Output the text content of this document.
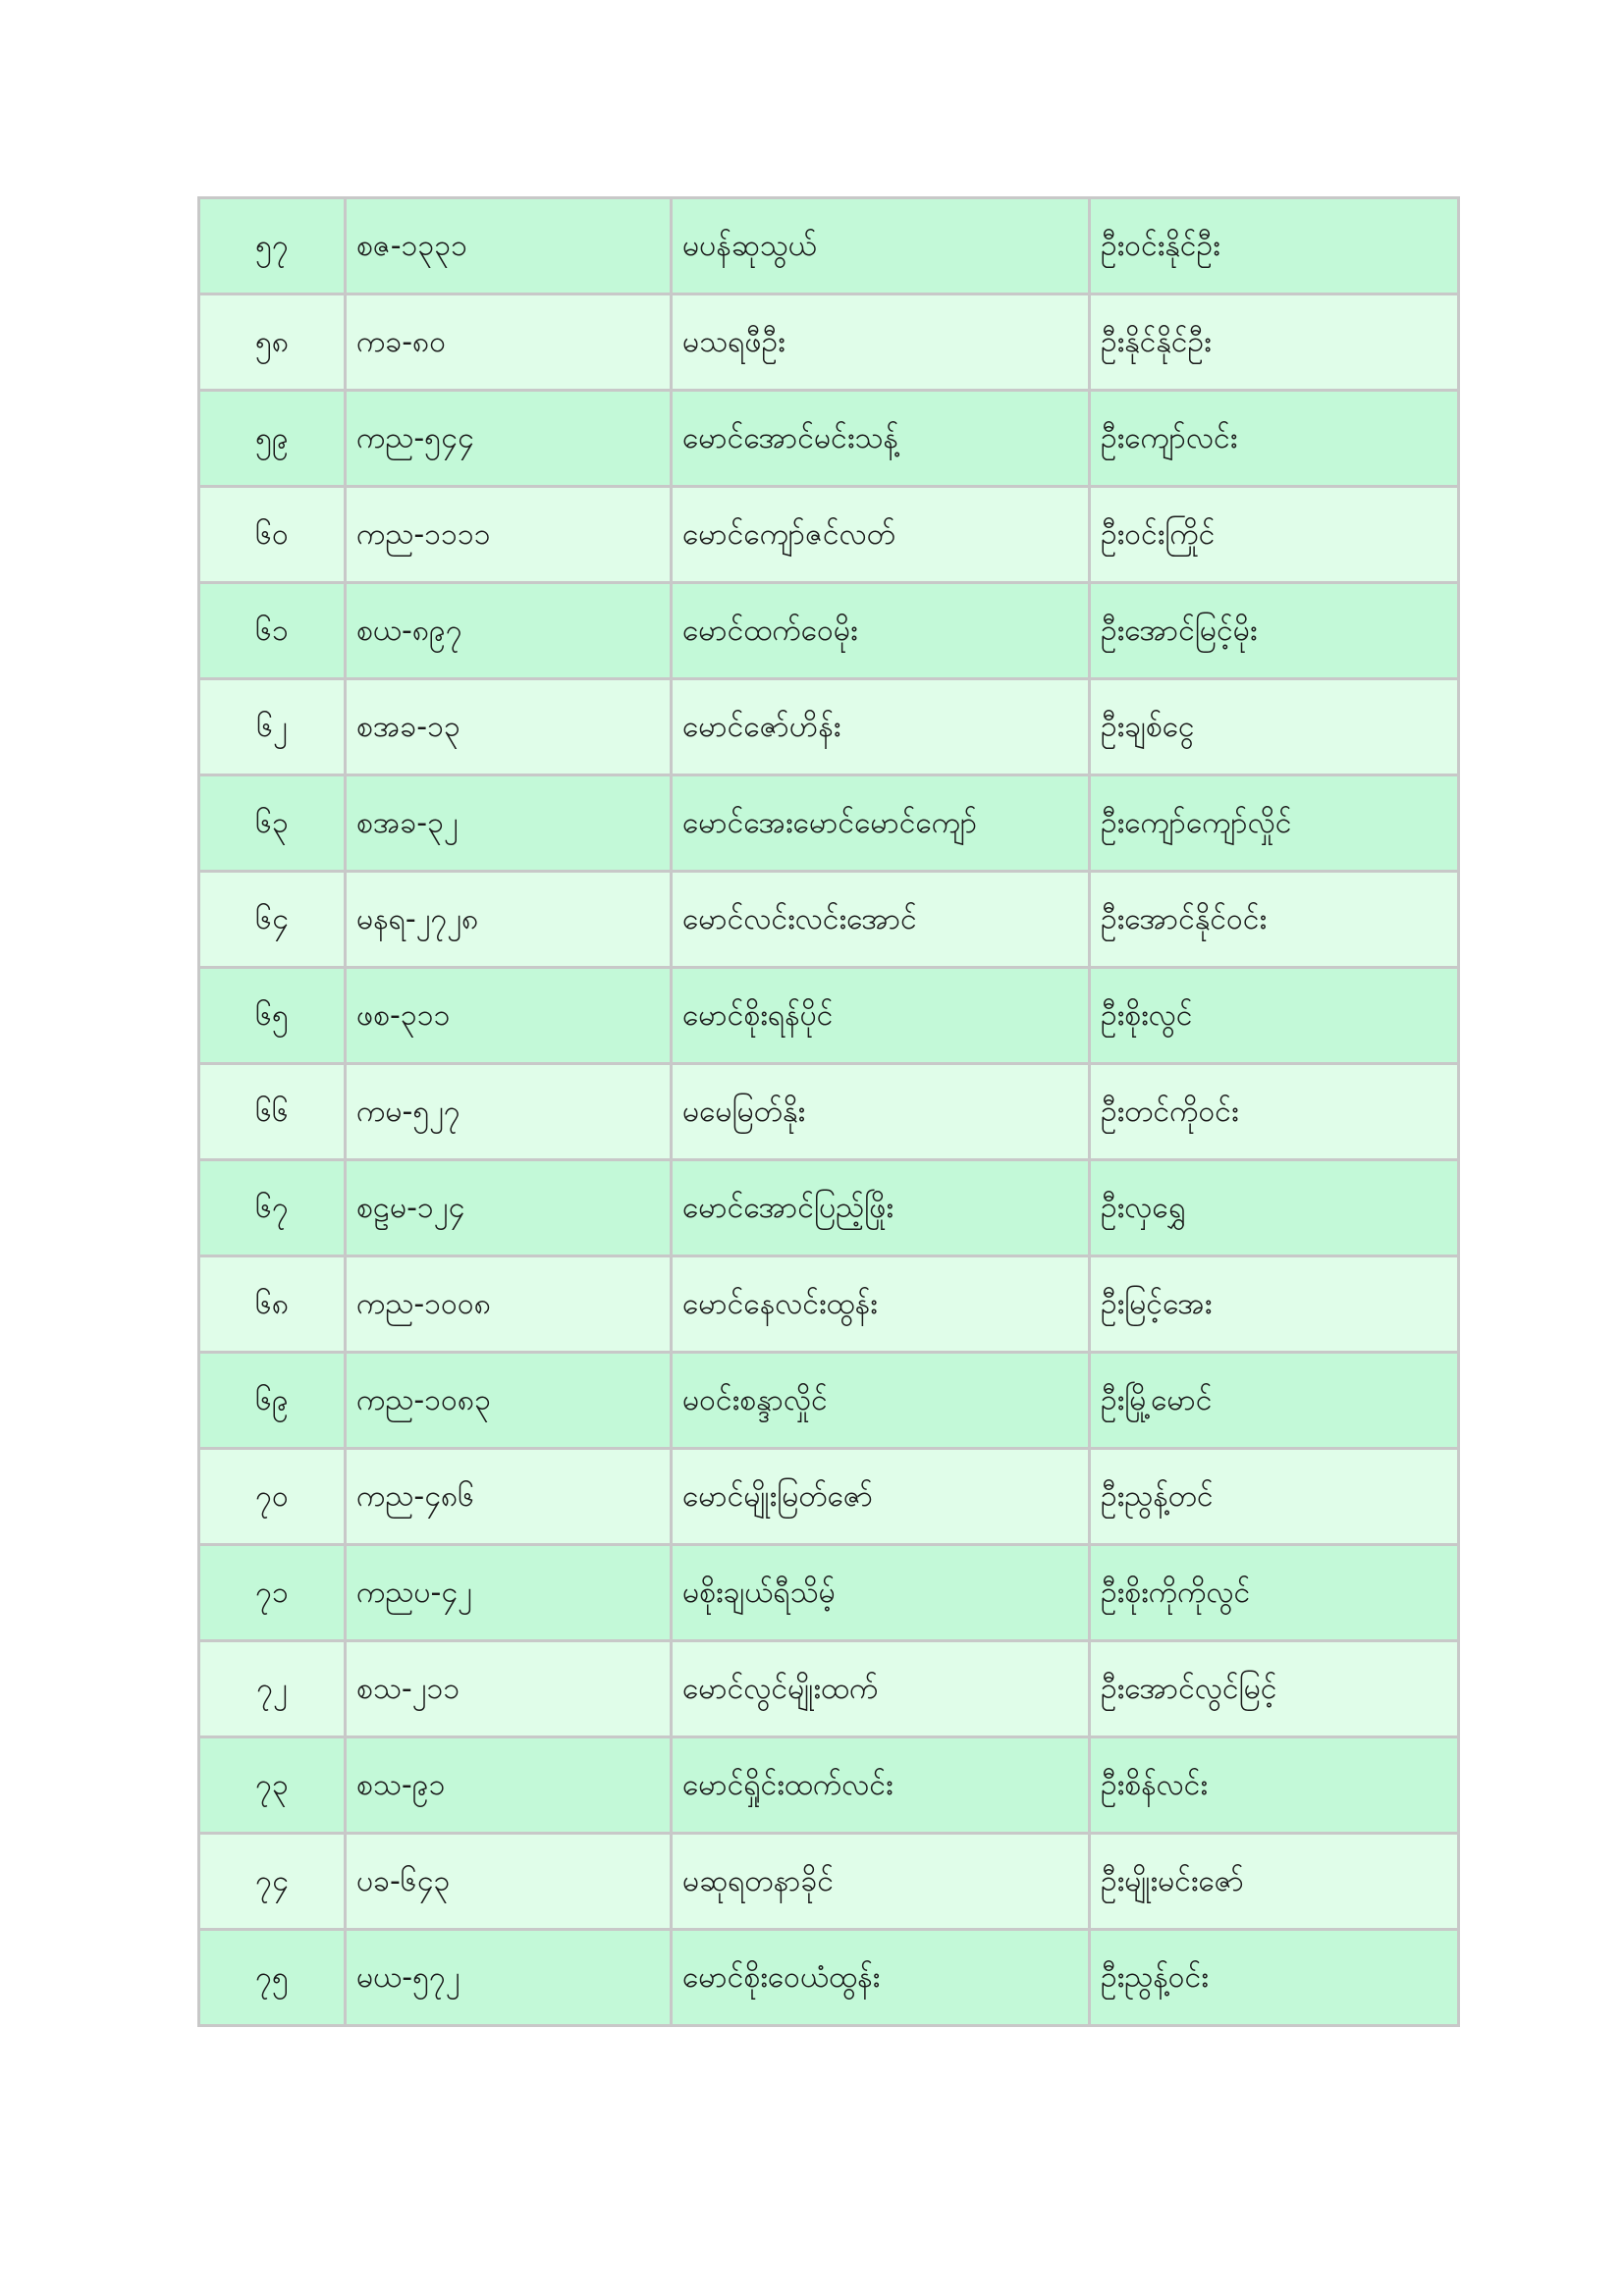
၅၇	စဇ-၁၃၃၁	မပန်ဆုသွယ်	ဦးဝင်းနိုင်ဦး
၅၈	ကခ-၈၀	မသရဖီဦး	ဦးနိုင်နိုင်ဦး
၅၉	ကည-၅၄၄	မောင်အောင်မင်းသန့်	ဦးကျော်လင်း
၆၀	ကည-၁၁၁၁	မောင်ကျော်ဇင်လတ်	ဦးဝင်းကြိုင်
၆၁	စယ-၈၉၇	မောင်ထက်ဝေမိုး	ဦးအောင်မြင့်မိုး
၆၂	စအခ-၁၃	မောင်ဇော်ဟိန်း	ဦးချစ်ငွေ
၆၃	စအခ-၃၂	မောင်အေးမောင်မောင်ကျော်	ဦးကျော်ကျော်လှိုင်
၆၄	မနရ-၂၇၂၈	မောင်လင်းလင်းအောင်	ဦးအောင်နိုင်ဝင်း
၆၅	ဖစ-၃၁၁	မောင်စိုးရန်ပိုင်	ဦးစိုးလွင်
၆၆	ကမ-၅၂၇	မမေမြတ်နိုး	ဦးတင်ကိုဝင်း
၆၇	စဠမ-၁၂၄	မောင်အောင်ပြည့်ဖြိုး	ဦးလှရွှေ
၆၈	ကည-၁၀၀၈	မောင်နေလင်းထွန်း	ဦးမြင့်အေး
၆၉	ကည-၁၀၈၃	မဝင်းစန္ဒာလှိုင်	ဦးမြို့မောင်
၇၀	ကည-၄၈၆	မောင်မျိုးမြတ်ဇော်	ဦးညွန့်တင်
၇၁	ကညပ-၄၂	မစိုးချယ်ရီသိမ့်	ဦးစိုးကိုကိုလွင်
၇၂	စသ-၂၁၁	မောင်လွင်မျိုးထက်	ဦးအောင်လွင်မြင့်
၇၃	စသ-၉၁	မောင်ရှိုင်းထက်လင်း	ဦးစိန်လင်း
၇၄	ပခ-၆၄၃	မဆုရတနာခိုင်	ဦးမျိုးမင်းဇော်
၇၅	မယ-၅၇၂	မောင်စိုးဝေယံထွန်း	ဦးညွန့်ဝင်း
